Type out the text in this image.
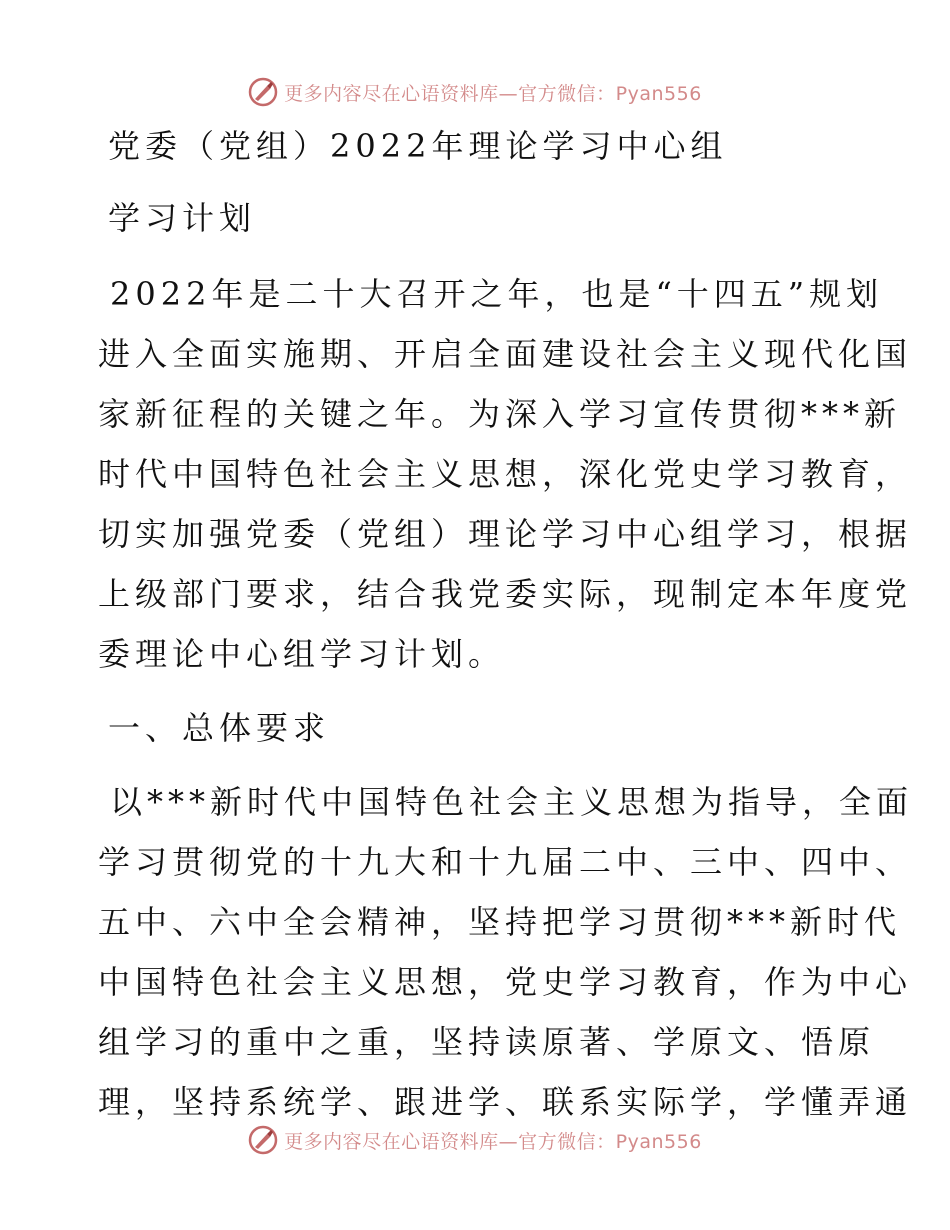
更多内容尽在心语资料库—官方微信：Pyan556

党委（党组）2022年理论学习中心组

学习计划

2022年是二十大召开之年，也是“十四五”规划

进入全面实施期、开启全面建设社会主义现代化国

家新征程的关键之年。为深入学习宣传贯彻***新

时代中国特色社会主义思想，深化党史学习教育，

切实加强党委（党组）理论学习中心组学习，根据

上级部门要求，结合我党委实际，现制定本年度党

委理论中心组学习计划。

一、总体要求

以***新时代中国特色社会主义思想为指导，全面

学习贯彻党的十九大和十九届二中、三中、四中、

五中、六中全会精神，坚持把学习贯彻***新时代

中国特色社会主义思想，党史学习教育，作为中心

组学习的重中之重，坚持读原著、学原文、悟原

理，坚持系统学、跟进学、联系实际学，学懂弄通

更多内容尽在心语资料库—官方微信：Pyan556
